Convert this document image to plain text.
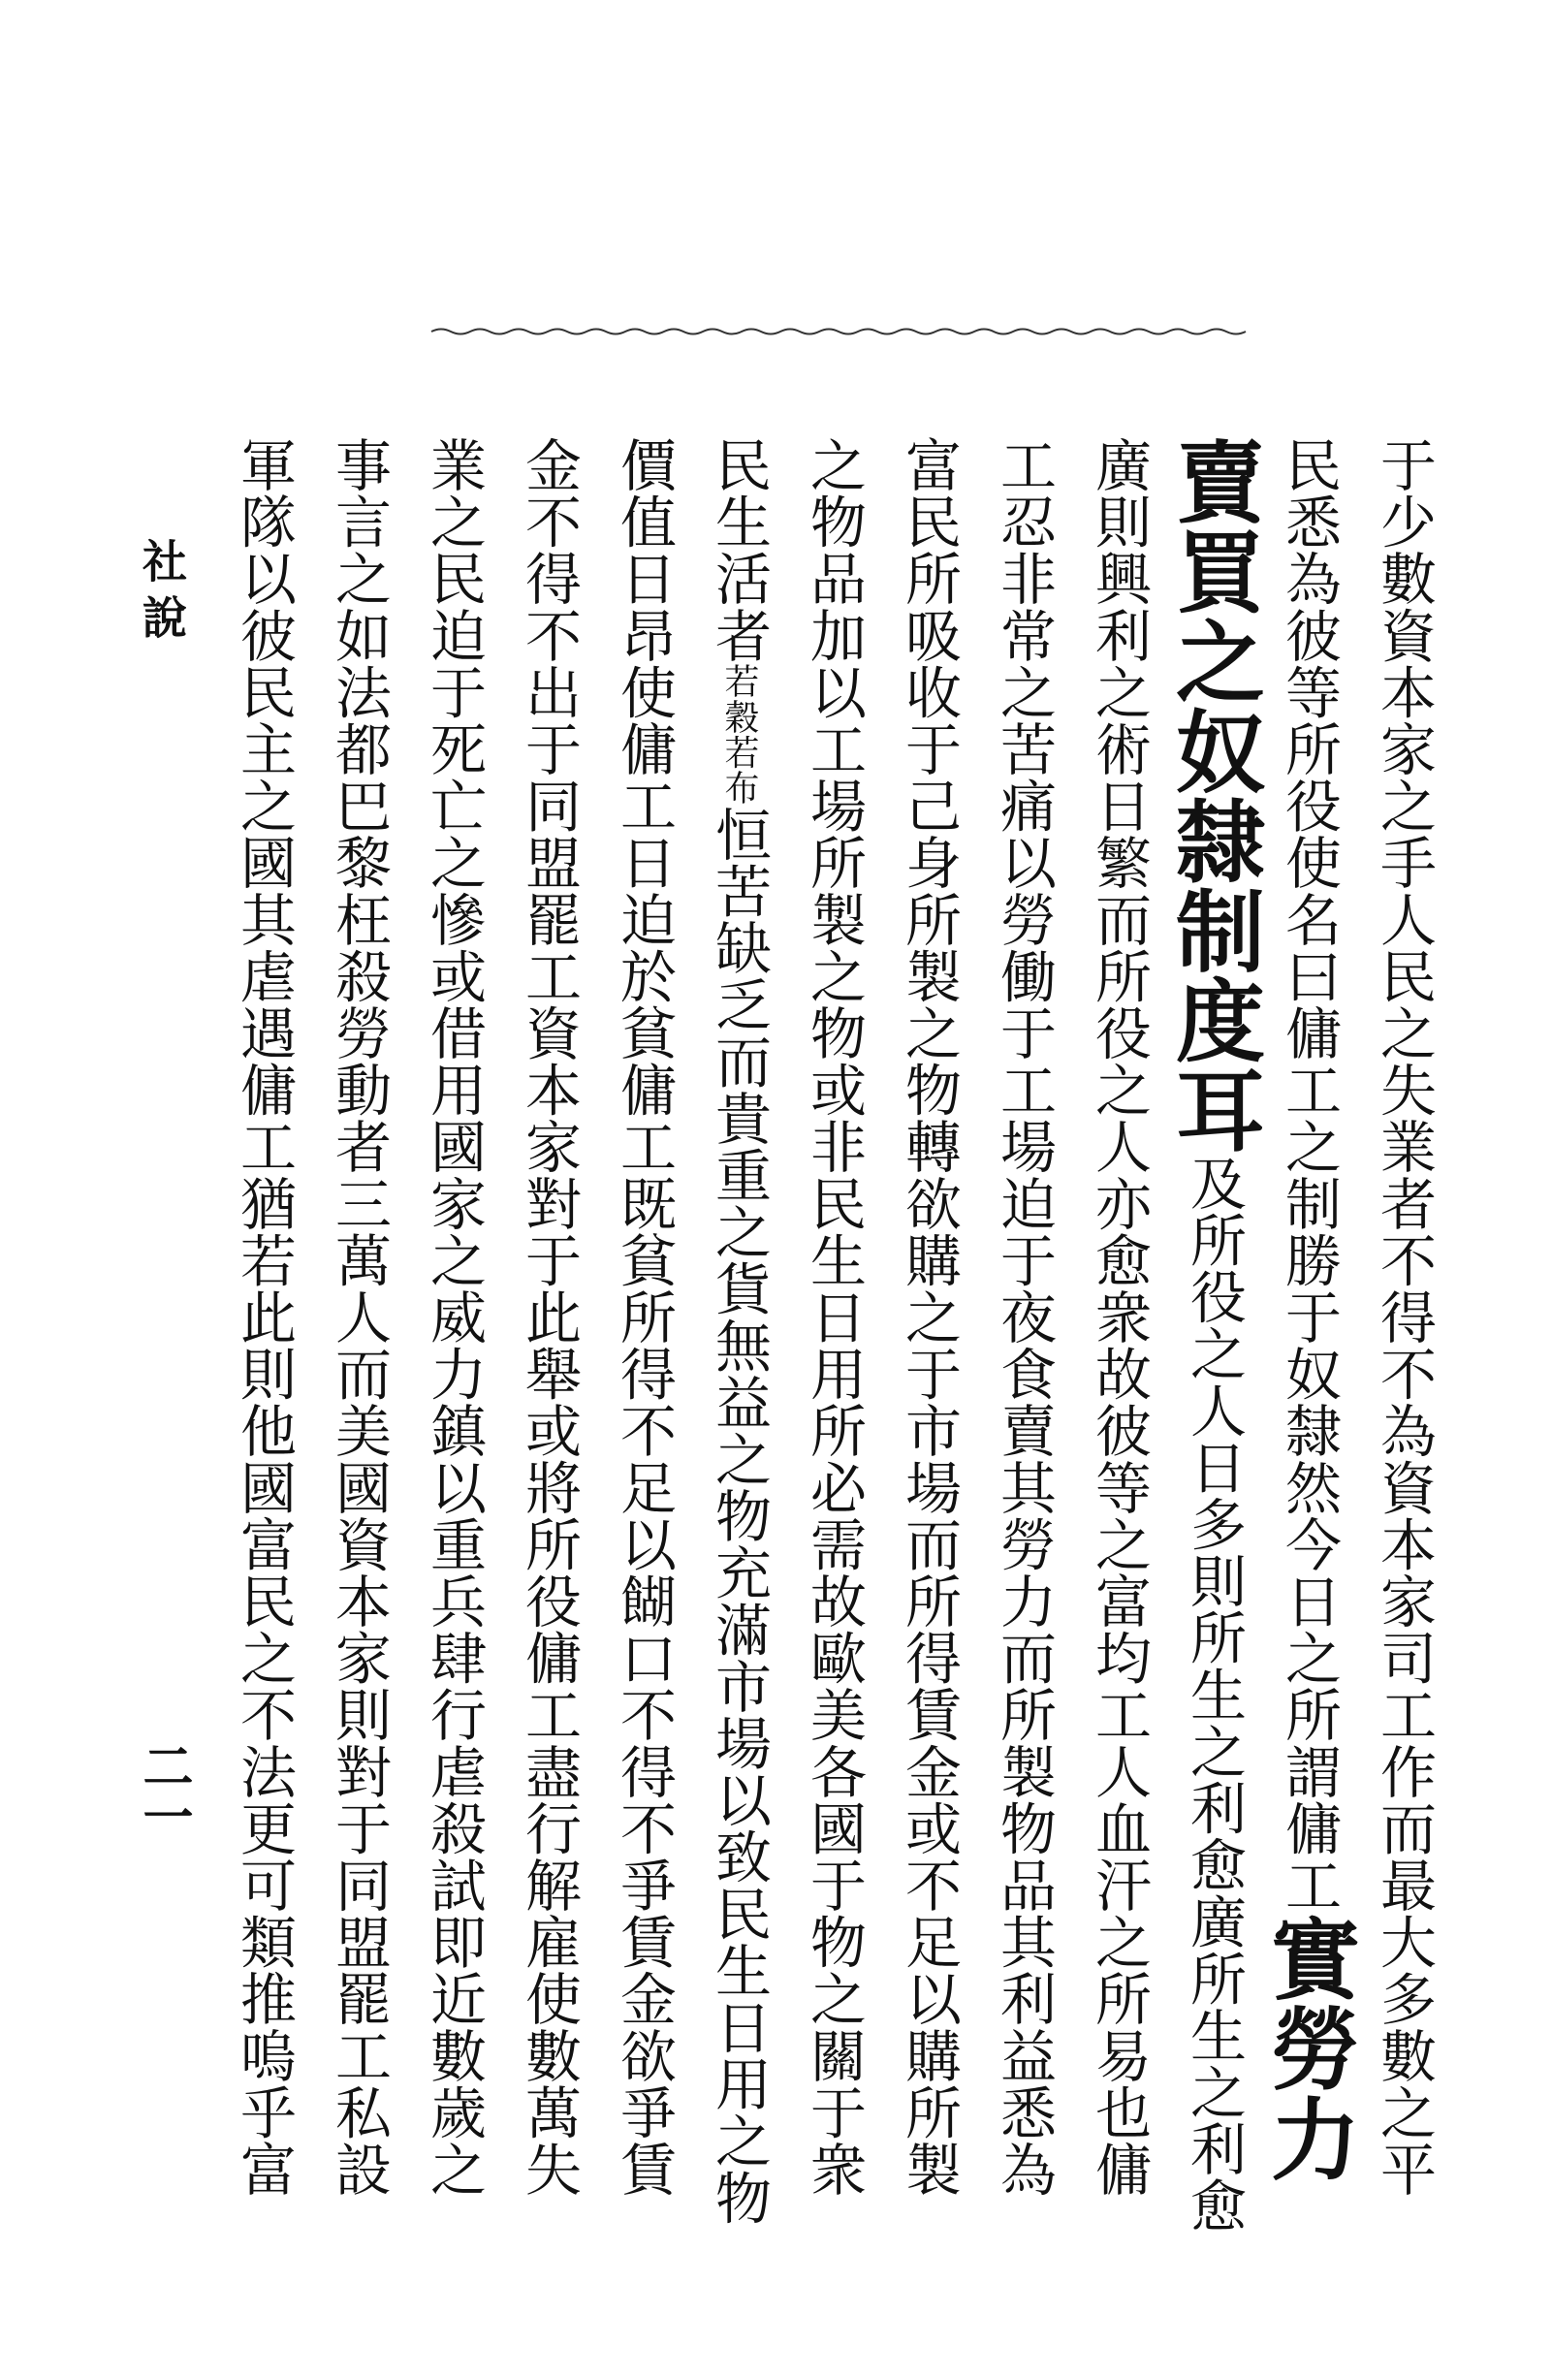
于少數資本家之手人民之失業者不得不為資本家司工作而最大多數之平
民悉為彼等所役使名曰傭工之制勝于奴隸然今日之所謂傭工實勞力
賣買之奴隸制度耳及所役之人日多則所生之利愈廣所生之利愈
廣則興利之術日繁而所役之人亦愈衆故彼等之富均工人血汗之所易也傭
工忍非常之苦痛以勞働于工場迫于夜食賣其勞力而所製物品其利益悉為
富民所吸收于己身所製之物轉欲購之于市場而所得賃金或不足以購所製
之物品加以工場所製之物或非民生日用所必需故歐美各國于物之關于衆
民生活者若穀若布恒苦缺乏而貴重之貨無益之物充滿市場以致民生日用之物
價值日昂使傭工日迫於貧傭工既貧所得不足以餬口不得不爭賃金欲爭賃
金不得不出于同盟罷工資本家對于此舉或將所役傭工盡行解雇使數萬失
業之民迫于死亡之慘或借用國家之威力鎮以重兵肆行虐殺試即近數歲之
事言之如法都巴黎枉殺勞動者三萬人而美國資本家則對于同盟罷工私設
軍隊以彼民主之國其虐遇傭工猶若此則他國富民之不法更可類推嗚乎富
社說
二一
